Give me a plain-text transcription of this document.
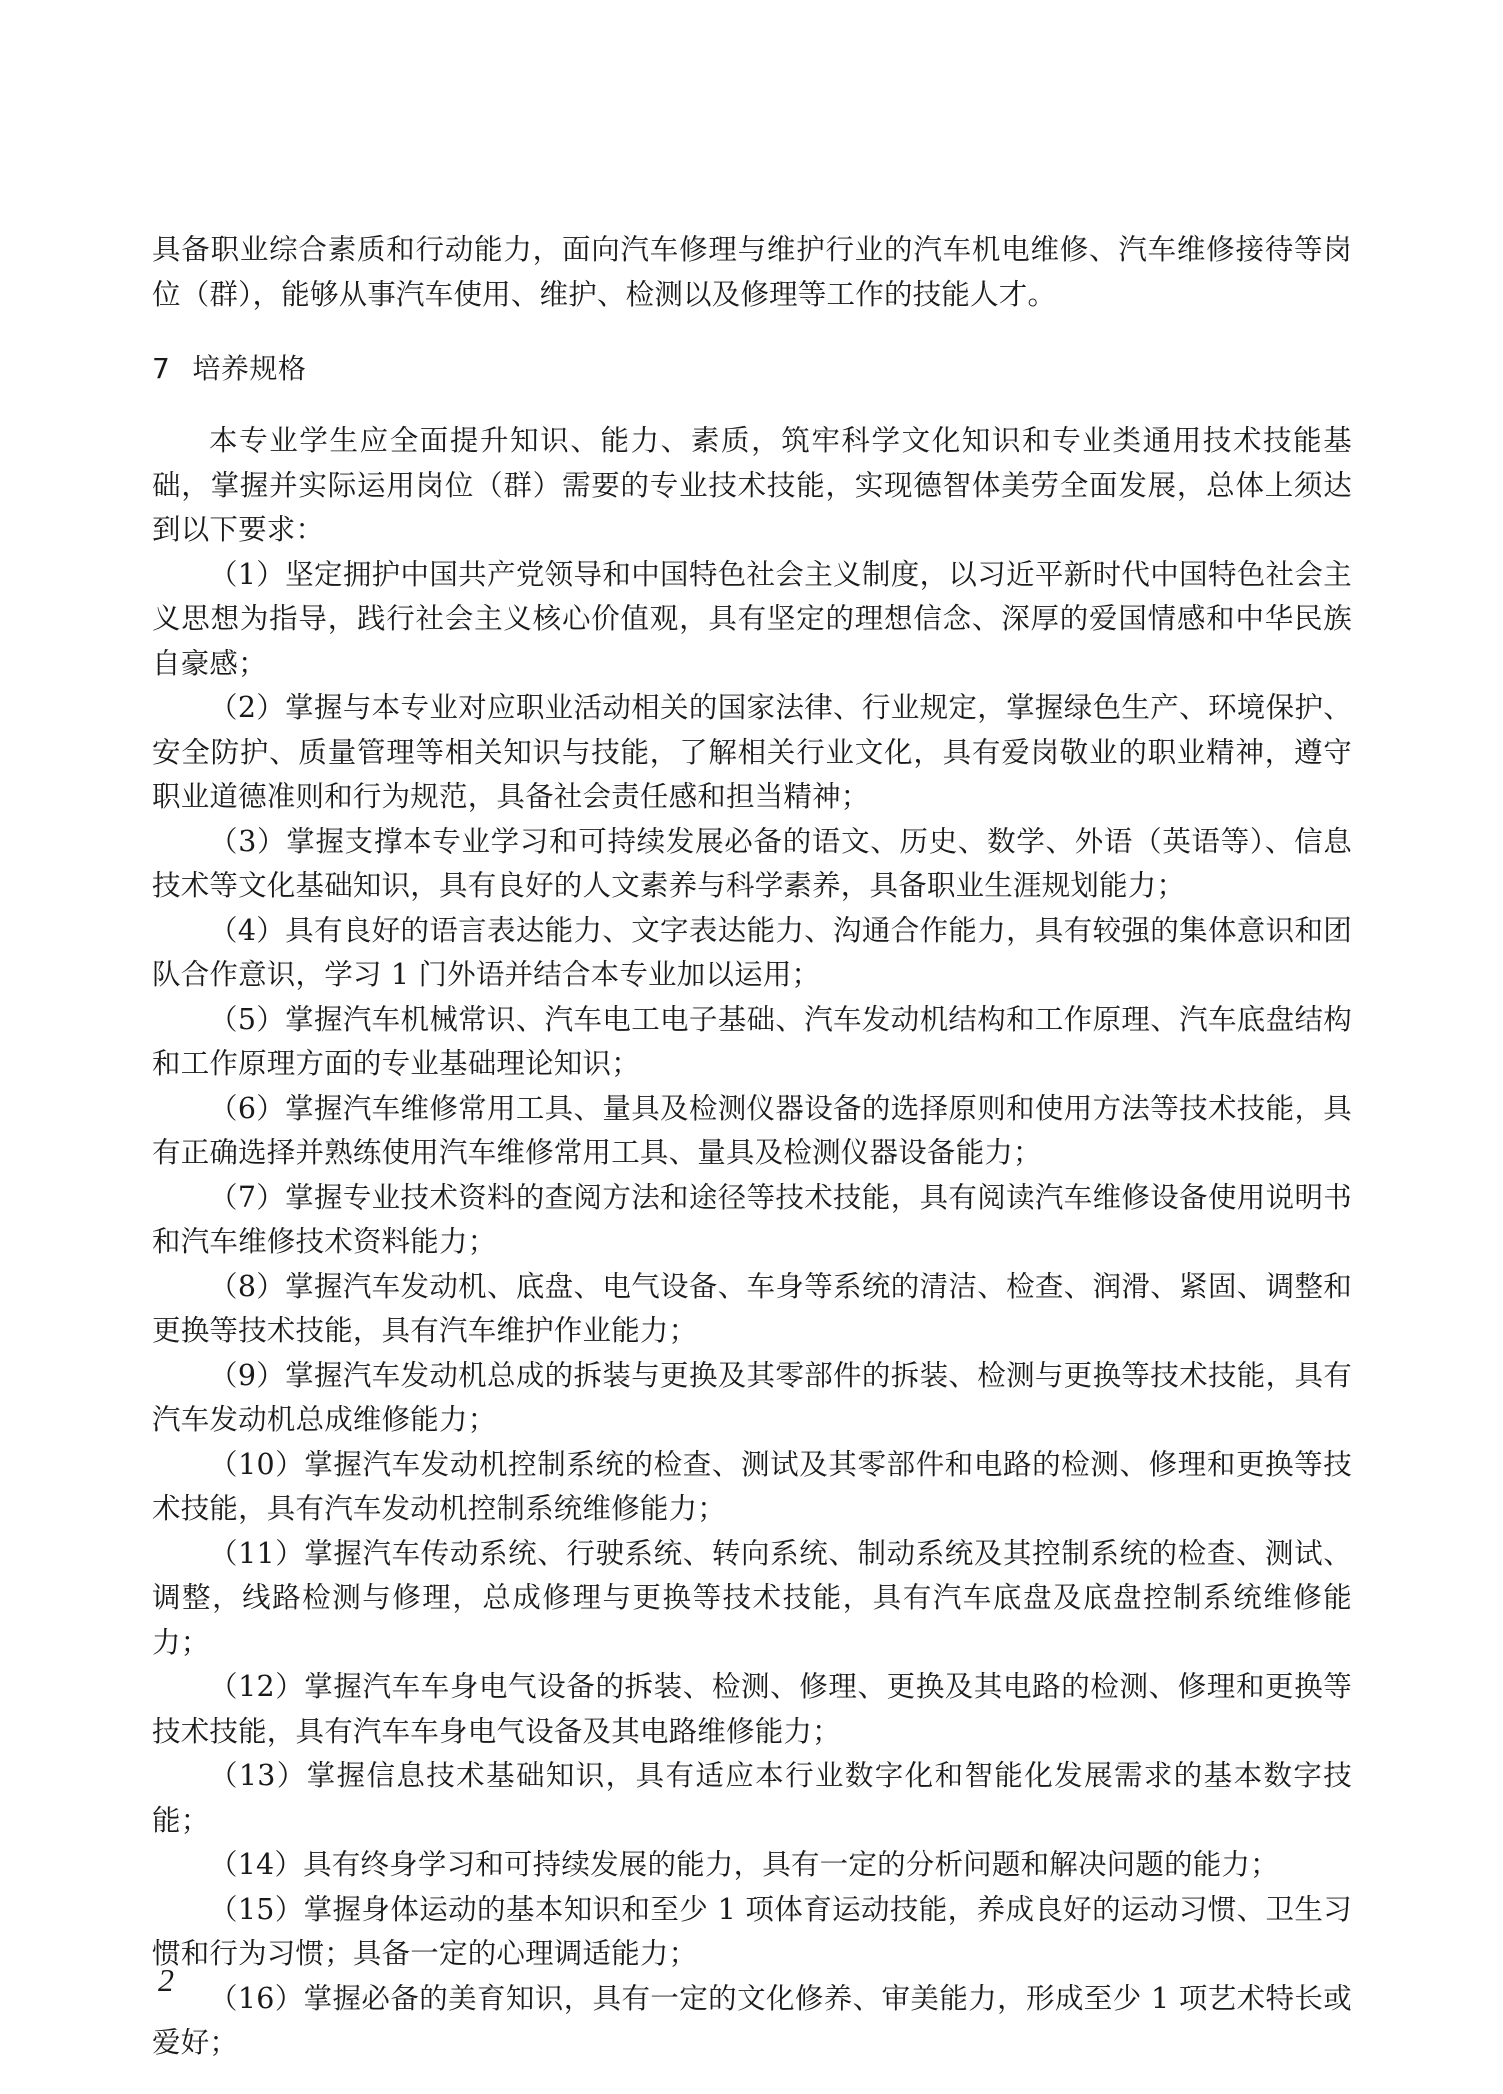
具备职业综合素质和行动能力，面向汽车修理与维护行业的汽车机电维修、汽车维修接待等岗位（群），能够从事汽车使用、维护、检测以及修理等工作的技能人才。

7 培养规格

本专业学生应全面提升知识、能力、素质，筑牢科学文化知识和专业类通用技术技能基础，掌握并实际运用岗位（群）需要的专业技术技能，实现德智体美劳全面发展，总体上须达到以下要求：

（1）坚定拥护中国共产党领导和中国特色社会主义制度，以习近平新时代中国特色社会主义思想为指导，践行社会主义核心价值观，具有坚定的理想信念、深厚的爱国情感和中华民族自豪感；

（2）掌握与本专业对应职业活动相关的国家法律、行业规定，掌握绿色生产、环境保护、安全防护、质量管理等相关知识与技能，了解相关行业文化，具有爱岗敬业的职业精神，遵守职业道德准则和行为规范，具备社会责任感和担当精神；

（3）掌握支撑本专业学习和可持续发展必备的语文、历史、数学、外语（英语等）、信息技术等文化基础知识，具有良好的人文素养与科学素养，具备职业生涯规划能力；

（4）具有良好的语言表达能力、文字表达能力、沟通合作能力，具有较强的集体意识和团队合作意识，学习 1 门外语并结合本专业加以运用；

（5）掌握汽车机械常识、汽车电工电子基础、汽车发动机结构和工作原理、汽车底盘结构和工作原理方面的专业基础理论知识；

（6）掌握汽车维修常用工具、量具及检测仪器设备的选择原则和使用方法等技术技能，具有正确选择并熟练使用汽车维修常用工具、量具及检测仪器设备能力；

（7）掌握专业技术资料的查阅方法和途径等技术技能，具有阅读汽车维修设备使用说明书和汽车维修技术资料能力；

（8）掌握汽车发动机、底盘、电气设备、车身等系统的清洁、检查、润滑、紧固、调整和更换等技术技能，具有汽车维护作业能力；

（9）掌握汽车发动机总成的拆装与更换及其零部件的拆装、检测与更换等技术技能，具有汽车发动机总成维修能力；

（10）掌握汽车发动机控制系统的检查、测试及其零部件和电路的检测、修理和更换等技术技能，具有汽车发动机控制系统维修能力；

（11）掌握汽车传动系统、行驶系统、转向系统、制动系统及其控制系统的检查、测试、调整，线路检测与修理，总成修理与更换等技术技能，具有汽车底盘及底盘控制系统维修能力；

（12）掌握汽车车身电气设备的拆装、检测、修理、更换及其电路的检测、修理和更换等技术技能，具有汽车车身电气设备及其电路维修能力；

（13）掌握信息技术基础知识，具有适应本行业数字化和智能化发展需求的基本数字技能；

（14）具有终身学习和可持续发展的能力，具有一定的分析问题和解决问题的能力；

（15）掌握身体运动的基本知识和至少 1 项体育运动技能，养成良好的运动习惯、卫生习惯和行为习惯；具备一定的心理调适能力；

（16）掌握必备的美育知识，具有一定的文化修养、审美能力，形成至少 1 项艺术特长或爱好；

2
